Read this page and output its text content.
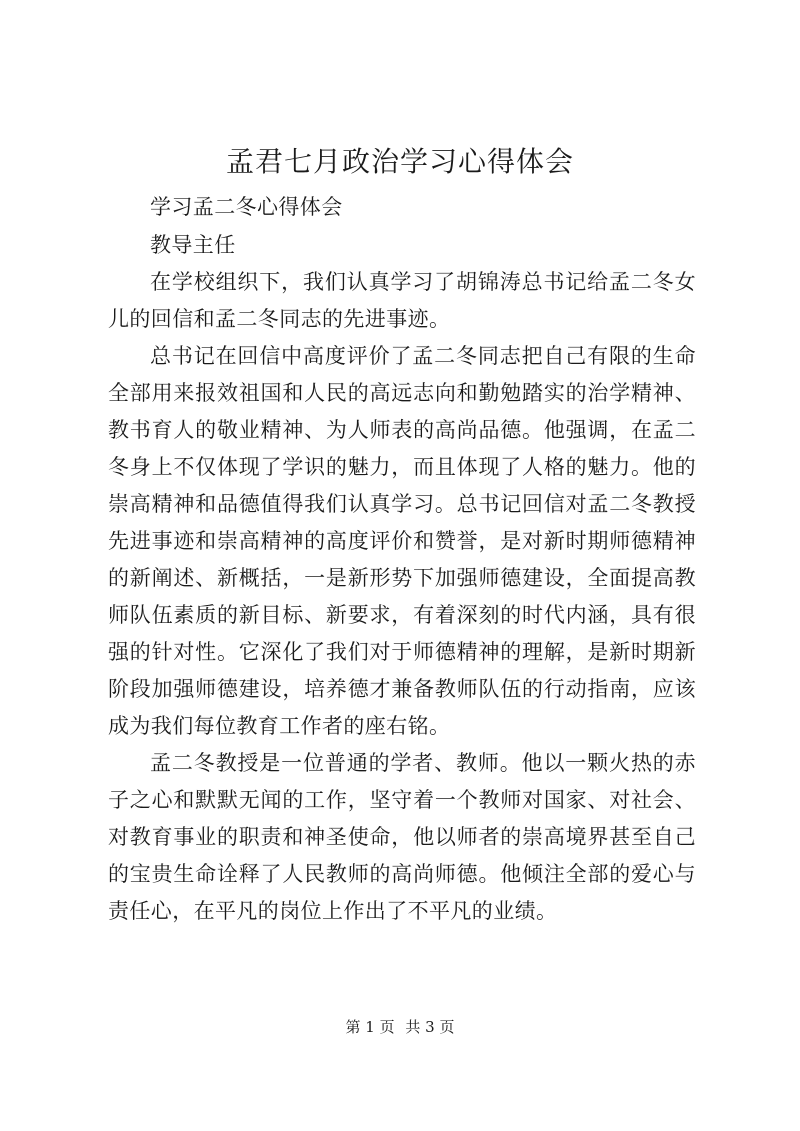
孟君七月政治学习心得体会

学习孟二冬心得体会

教导主任

在学校组织下，我们认真学习了胡锦涛总书记给孟二冬女儿的回信和孟二冬同志的先进事迹。

总书记在回信中高度评价了孟二冬同志把自己有限的生命全部用来报效祖国和人民的高远志向和勤勉踏实的治学精神、教书育人的敬业精神、为人师表的高尚品德。他强调，在孟二冬身上不仅体现了学识的魅力，而且体现了人格的魅力。他的崇高精神和品德值得我们认真学习。总书记回信对孟二冬教授先进事迹和崇高精神的高度评价和赞誉，是对新时期师德精神的新阐述、新概括，一是新形势下加强师德建设，全面提高教师队伍素质的新目标、新要求，有着深刻的时代内涵，具有很强的针对性。它深化了我们对于师德精神的理解，是新时期新阶段加强师德建设，培养德才兼备教师队伍的行动指南，应该成为我们每位教育工作者的座右铭。

孟二冬教授是一位普通的学者、教师。他以一颗火热的赤子之心和默默无闻的工作，坚守着一个教师对国家、对社会、对教育事业的职责和神圣使命，他以师者的崇高境界甚至自己的宝贵生命诠释了人民教师的高尚师德。他倾注全部的爱心与责任心，在平凡的岗位上作出了不平凡的业绩。

第 1 页 共 3 页
